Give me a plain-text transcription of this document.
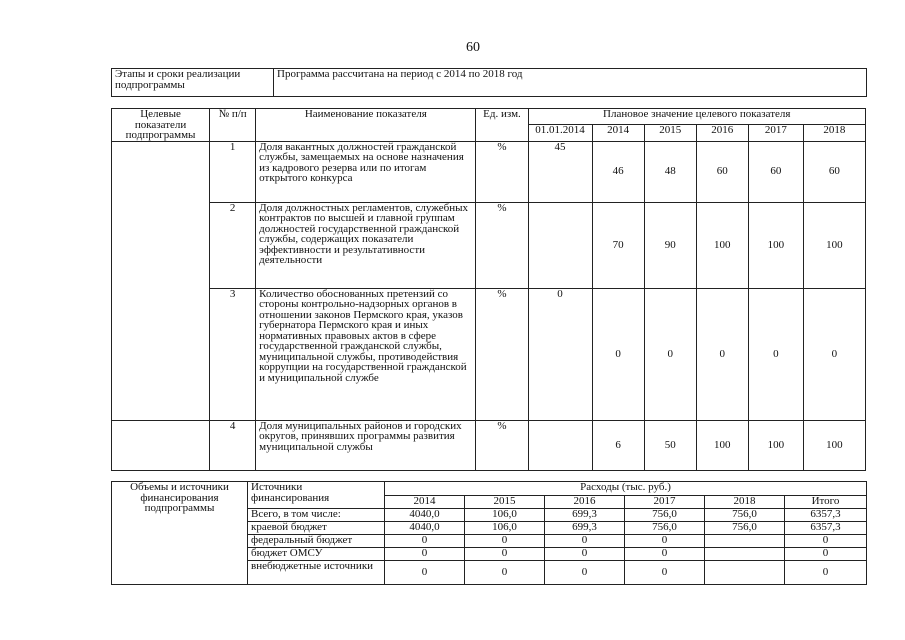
60
Этапы и сроки реализации подпрограммы	Программа рассчитана на период с 2014 по 2018 год
Целевые показатели подпрограммы	№ п/п	Наименование показателя	Ед. изм.	Плановое значение целевого показателя					
				01.01.2014	2014	2015	2016	2017	2018
	1	Доля вакантных должностей гражданской службы, замещаемых на основе назначения из кадрового резерва или по итогам открытого конкурса	%	45	46	48	60	60	60
	2	Доля должностных регламентов, служебных контрактов по высшей и главной группам должностей государственной гражданской службы, содержащих показатели эффективности и результативности деятельности	%		70	90	100	100	100
	3	Количество обоснованных претензий со стороны контрольно-надзорных органов в отношении законов Пермского края, указов губернатора Пермского края и иных нормативных правовых актов в сфере государственной гражданской службы, муниципальной службы, противодействия коррупции на государственной гражданской и муниципальной службе	%	0	0	0	0	0	0
	4	Доля муниципальных районов и городских округов, принявших программы развития муниципальной службы	%		6	50	100	100	100
Объемы и источники финансирования подпрограммы	Источники финансирования	Расходы (тыс. руб.)					
		2014	2015	2016	2017	2018	Итого
	Всего, в том числе:	4040,0	106,0	699,3	756,0	756,0	6357,3
	краевой бюджет	4040,0	106,0	699,3	756,0	756,0	6357,3
	федеральный бюджет	0	0	0	0		0
	бюджет ОМСУ	0	0	0	0		0
	внебюджетные источники	0	0	0	0		0
